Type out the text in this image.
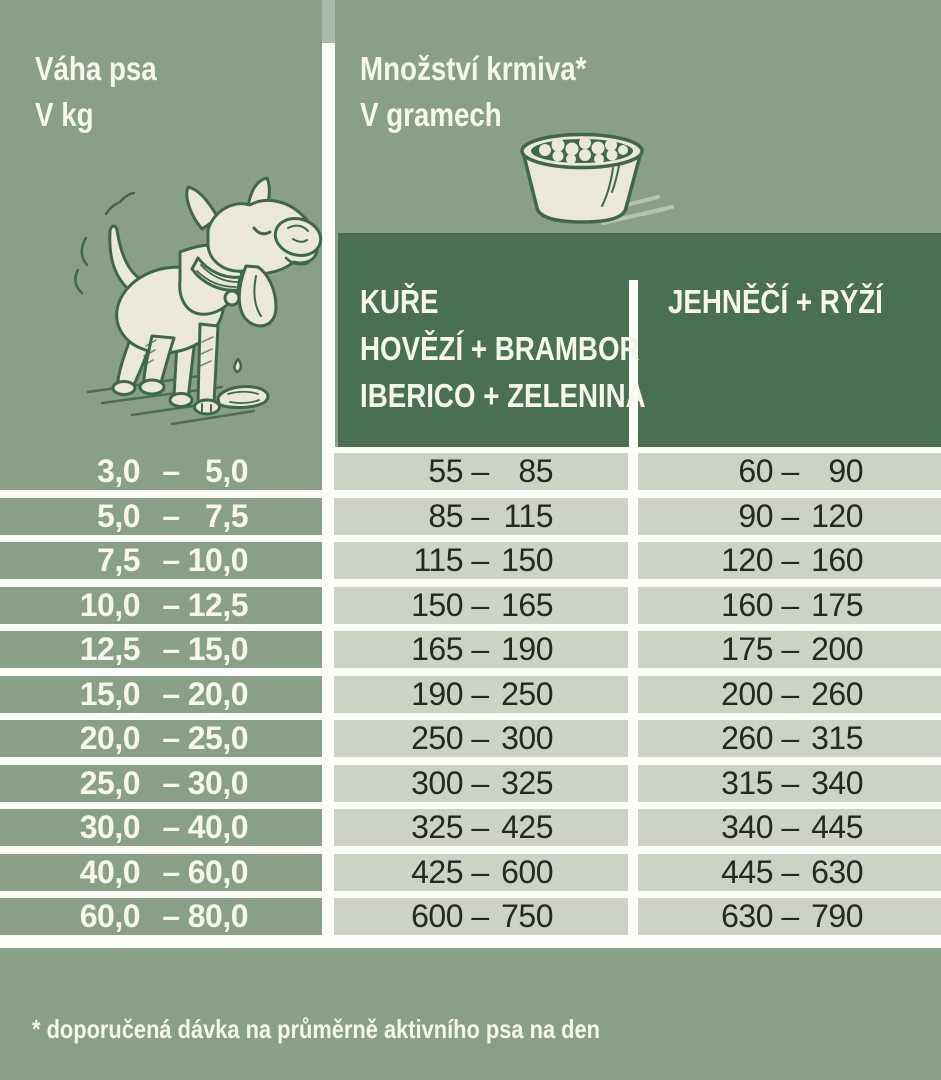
Váha psa
V kg
Množství krmiva*
V gramech
KUŘE
HOVĚZÍ + BRAMBOR
IBERICO + ZELENINA
JEHNĚČÍ + RÝŽÍ
3,0 – 5,0	55 – 85	60 – 90
5,0 – 7,5	85 – 115	90 – 120
7,5 – 10,0	115 – 150	120 – 160
10,0 – 12,5	150 – 165	160 – 175
12,5 – 15,0	165 – 190	175 – 200
15,0 – 20,0	190 – 250	200 – 260
20,0 – 25,0	250 – 300	260 – 315
25,0 – 30,0	300 – 325	315 – 340
30,0 – 40,0	325 – 425	340 – 445
40,0 – 60,0	425 – 600	445 – 630
60,0 – 80,0	600 – 750	630 – 790
* doporučená dávka na průměrně aktivního psa na den
